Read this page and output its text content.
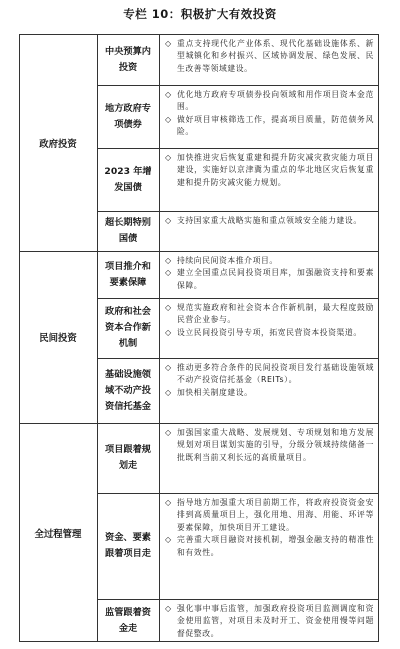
专栏 10：积极扩大有效投资
政府投资
中央预算内投资
◇ 重点支持现代化产业体系、现代化基础设施体系、新型城镇化和乡村振兴、区域协调发展、绿色发展、民生改善等领域建设。
地方政府专项债券
◇ 优化地方政府专项债券投向领域和用作项目资本金范围。
◇ 做好项目审核筛选工作，提高项目质量，防范债务风险。
2023 年增发国债
◇ 加快推进灾后恢复重建和提升防灾减灾救灾能力项目建设，实施好以京津冀为重点的华北地区灾后恢复重建和提升防灾减灾能力规划。
超长期特别国债
◇ 支持国家重大战略实施和重点领域安全能力建设。
民间投资
项目推介和要素保障
◇ 持续向民间资本推介项目。
◇ 建立全国重点民间投资项目库，加强融资支持和要素保障。
政府和社会资本合作新机制
◇ 规范实施政府和社会资本合作新机制，最大程度鼓励民营企业参与。
◇ 设立民间投资引导专项，拓宽民营资本投资渠道。
基础设施领域不动产投资信托基金
◇ 推动更多符合条件的民间投资项目发行基础设施领域不动产投资信托基金（REITs）。
◇ 加快相关制度建设。
全过程管理
项目跟着规划走
◇ 加强国家重大战略、发展规划、专项规划和地方发展规划对项目谋划实施的引导，分级分领域持续储备一批既利当前又利长远的高质量项目。
资金、要素跟着项目走
◇ 指导地方加强重大项目前期工作，将政府投资资金安排到高质量项目上，强化用地、用海、用能、环评等要素保障，加快项目开工建设。
◇ 完善重大项目融资对接机制，增强金融支持的精准性和有效性。
监管跟着资金走
◇ 强化事中事后监管，加强政府投资项目监测调度和资金使用监管，对项目未及时开工、资金使用慢等问题督促整改。
